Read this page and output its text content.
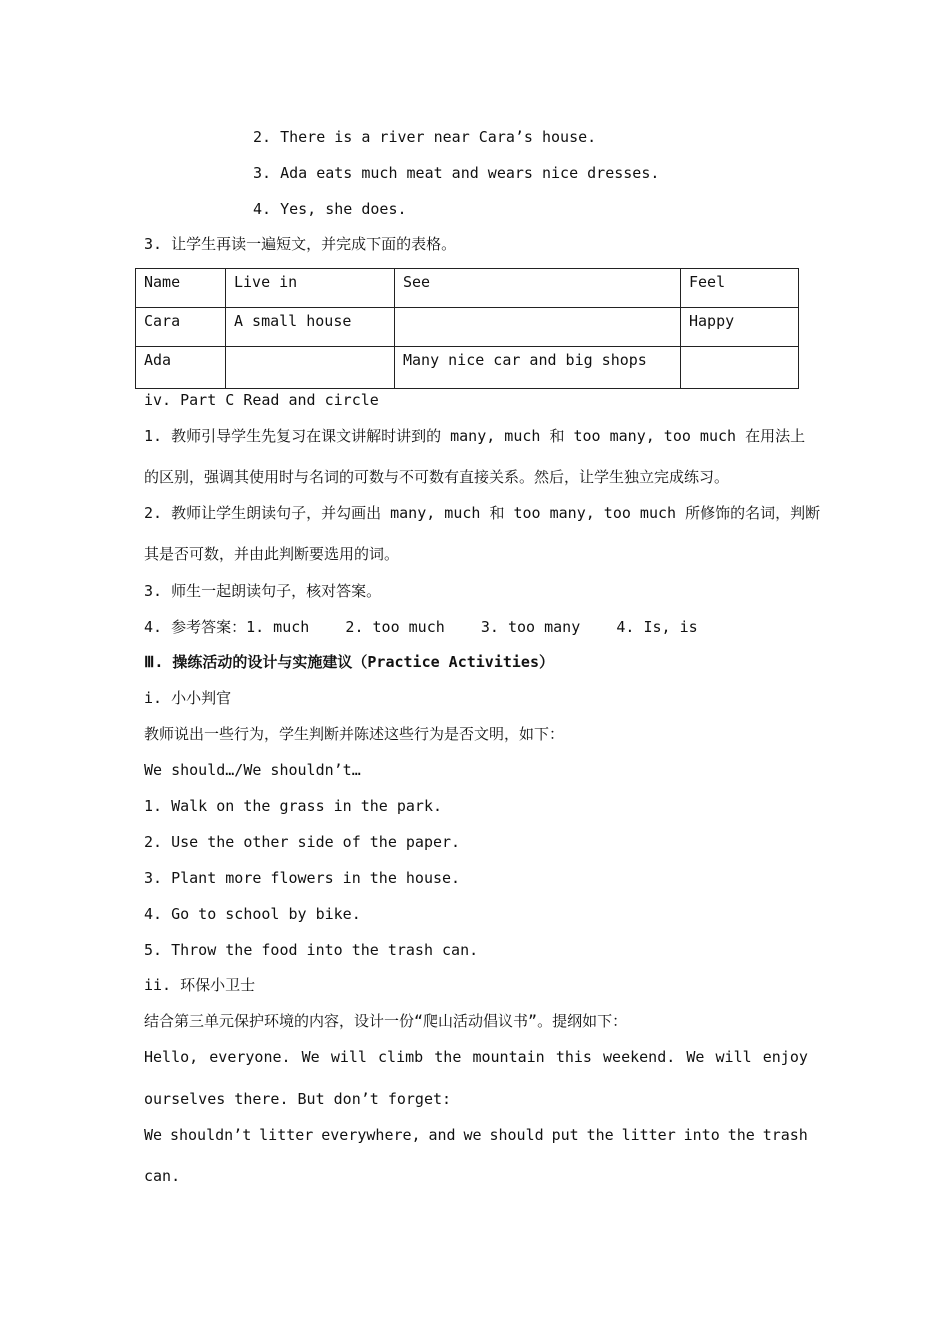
2. There is a river near Cara’s house.
3. Ada eats much meat and wears nice dresses.
4. Yes, she does.
3. 让学生再读一遍短文，并完成下面的表格。
Name	Live in	See	Feel
Cara	A small house		Happy
Ada		Many nice car and big shops	
iv. Part C Read and circle
1. 教师引导学生先复习在课文讲解时讲到的 many, much 和 too many, too much 在用法上
的区别，强调其使用时与名词的可数与不可数有直接关系。然后，让学生独立完成练习。
2. 教师让学生朗读句子，并勾画出 many, much 和 too many, too much 所修饰的名词，判断
其是否可数，并由此判断要选用的词。
3. 师生一起朗读句子，核对答案。
4. 参考答案：1. much    2. too much    3. too many    4. Is, is
Ⅲ. 操练活动的设计与实施建议（Practice Activities）
i. 小小判官
教师说出一些行为，学生判断并陈述这些行为是否文明，如下：
We should…/We shouldn’t…
1. Walk on the grass in the park.
2. Use the other side of the paper.
3. Plant more flowers in the house.
4. Go to school by bike.
5. Throw the food into the trash can.
ii. 环保小卫士
结合第三单元保护环境的内容，设计一份“爬山活动倡议书”。提纲如下：
Hello, everyone. We will climb the mountain this weekend. We will enjoy
ourselves there. But don’t forget:
We shouldn’t litter everywhere, and we should put the litter into the trash
can.
